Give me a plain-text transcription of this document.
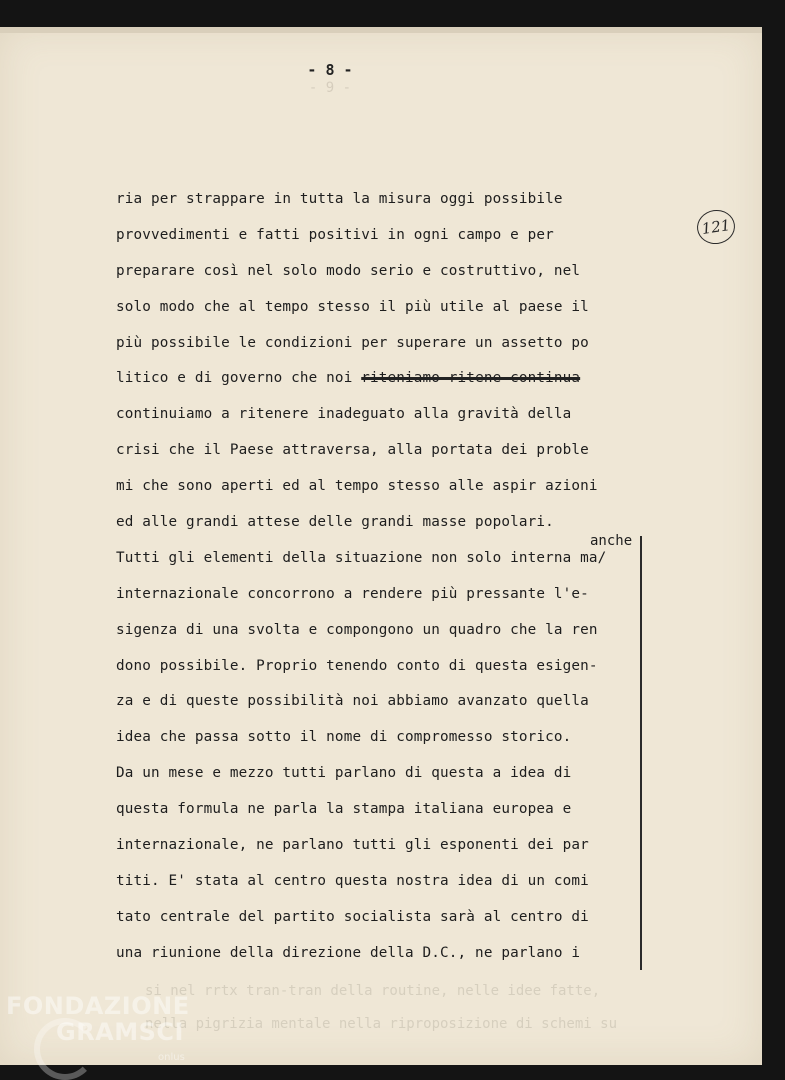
- 8 -
- 9 -
121
ria per strappare in tutta la misura oggi possibile
provvedimenti e fatti positivi in ogni campo e per
preparare così nel solo modo serio e costruttivo, nel
solo modo che al tempo stesso il più utile al paese il
più possibile le condizioni per superare un assetto po
litico e di governo che noi riteniamo ritene continua
continuiamo a ritenere inadeguato alla gravità della
crisi che il Paese attraversa, alla portata dei proble
mi che sono aperti ed al tempo stesso alle aspir azioni
ed alle grandi attese delle grandi masse popolari.
Tutti gli elementi della situazione non solo interna ma/
internazionale concorrono a rendere più pressante l'e-
sigenza di una svolta e compongono un quadro che la ren
dono possibile. Proprio tenendo conto di questa esigen-
za e di queste possibilità noi abbiamo avanzato quella
idea che passa sotto il nome di compromesso storico.
Da un mese e mezzo tutti parlano di questa a idea di
questa formula ne parla la stampa italiana europea e
internazionale, ne parlano tutti gli esponenti dei par
titi. E' stata al centro questa nostra idea di un comi
tato centrale del partito socialista sarà al centro di
una riunione della direzione della D.C., ne parlano i
anche
si nel rrtx tran-tran della routine, nelle idee fatte,
nella pigrizia mentale nella riproposizione di schemi su
FONDAZIONE
GRAMSCI
onlus
